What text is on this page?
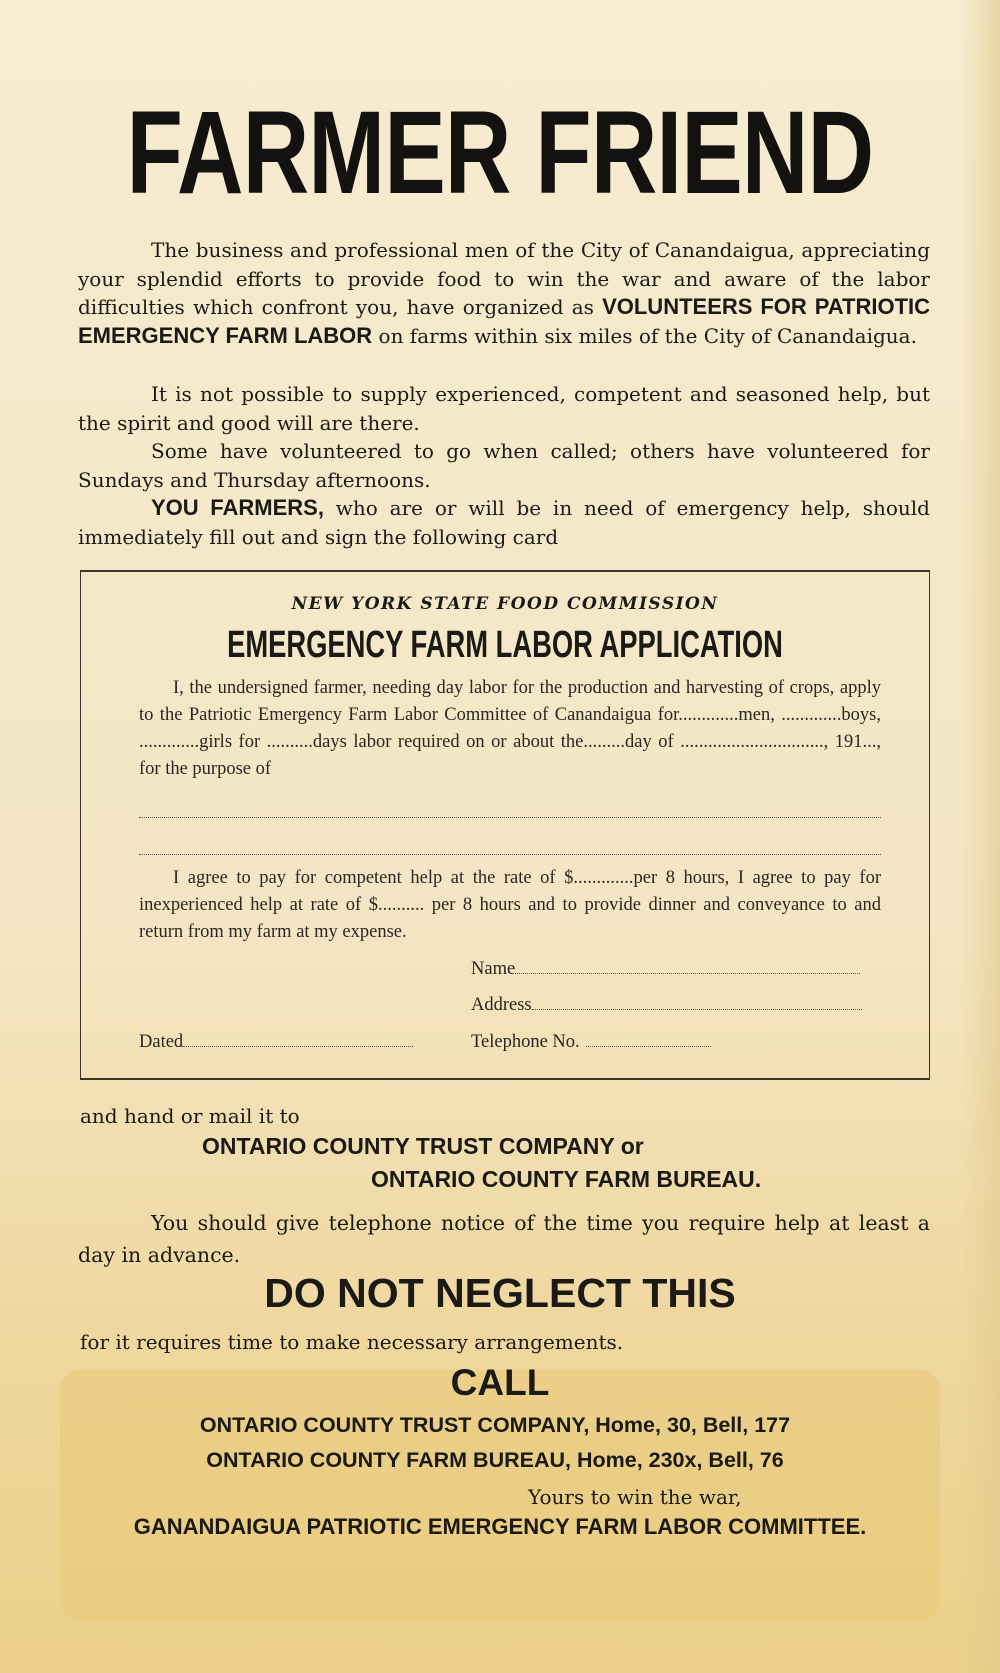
FARMER FRIEND
The business and professional men of the City of Canandaigua, appreciating your splendid efforts to provide food to win the war and aware of the labor difficulties which confront you, have organized as VOLUNTEERS FOR PATRIOTIC EMERGENCY FARM LABOR on farms within six miles of the City of Canandaigua.
It is not possible to supply experienced, competent and seasoned help, but the spirit and good will are there.
Some have volunteered to go when called; others have volunteered for Sundays and Thursday afternoons.
YOU FARMERS, who are or will be in need of emergency help, should immediately fill out and sign the following card
NEW YORK STATE FOOD COMMISSION
EMERGENCY FARM LABOR APPLICATION
I, the undersigned farmer, needing day labor for the production and harvesting of crops, apply to the Patriotic Emergency Farm Labor Committee of Canandaigua for.............men, .............boys, .............girls for ..........days labor required on or about the.........day of ..............................., 191..., for the purpose of
I agree to pay for competent help at the rate of $.............per 8 hours, I agree to pay for inexperienced help at rate of $.......... per 8 hours and to provide dinner and conveyance to and return from my farm at my expense.
Name
Address
Dated	Telephone No.
and hand or mail it to
ONTARIO COUNTY TRUST COMPANY or
ONTARIO COUNTY FARM BUREAU.
You should give telephone notice of the time you require help at least a day in advance.
DO NOT NEGLECT THIS
for it requires time to make necessary arrangements.
CALL
ONTARIO COUNTY TRUST COMPANY, Home, 30, Bell, 177
ONTARIO COUNTY FARM BUREAU, Home, 230x, Bell, 76
Yours to win the war,
GANANDAIGUA PATRIOTIC EMERGENCY FARM LABOR COMMITTEE.
